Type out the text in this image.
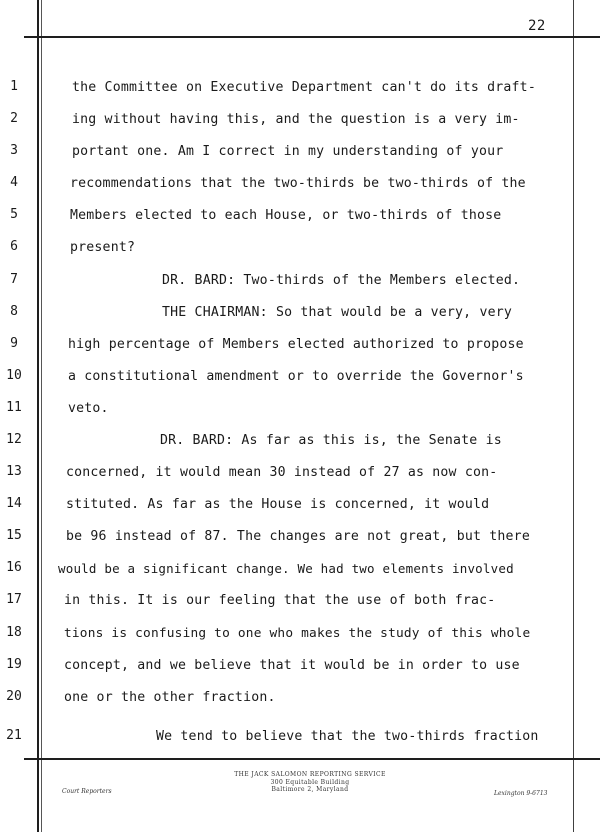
22
1
2
3
4
5
6
7
8
9
10
11
12
13
14
15
16
17
18
19
20
21
the Committee on Executive Department can't do its draft-
ing without having this, and the question is a very im-
portant one. Am I correct in my understanding of your
recommendations that the two-thirds be two-thirds of the
Members elected to each House, or two-thirds of those
present?
DR. BARD: Two-thirds of the Members elected.
THE CHAIRMAN: So that would be a very, very
high percentage of Members elected authorized to propose
a constitutional amendment or to override the Governor's
veto.
DR. BARD: As far as this is, the Senate is
concerned, it would mean 30 instead of 27 as now con-
stituted. As far as the House is concerned, it would
be 96 instead of 87. The changes are not great, but there
would be a significant change. We had two elements involved
in this. It is our feeling that the use of both frac-
tions is confusing to one who makes the study of this whole
concept, and we believe that it would be in order to use
one or the other fraction.
We tend to believe that the two-thirds fraction
THE JACK SALOMON REPORTING SERVICE
300 Equitable Building
Baltimore 2, Maryland
Court Reporters	Lexington 9-6713
